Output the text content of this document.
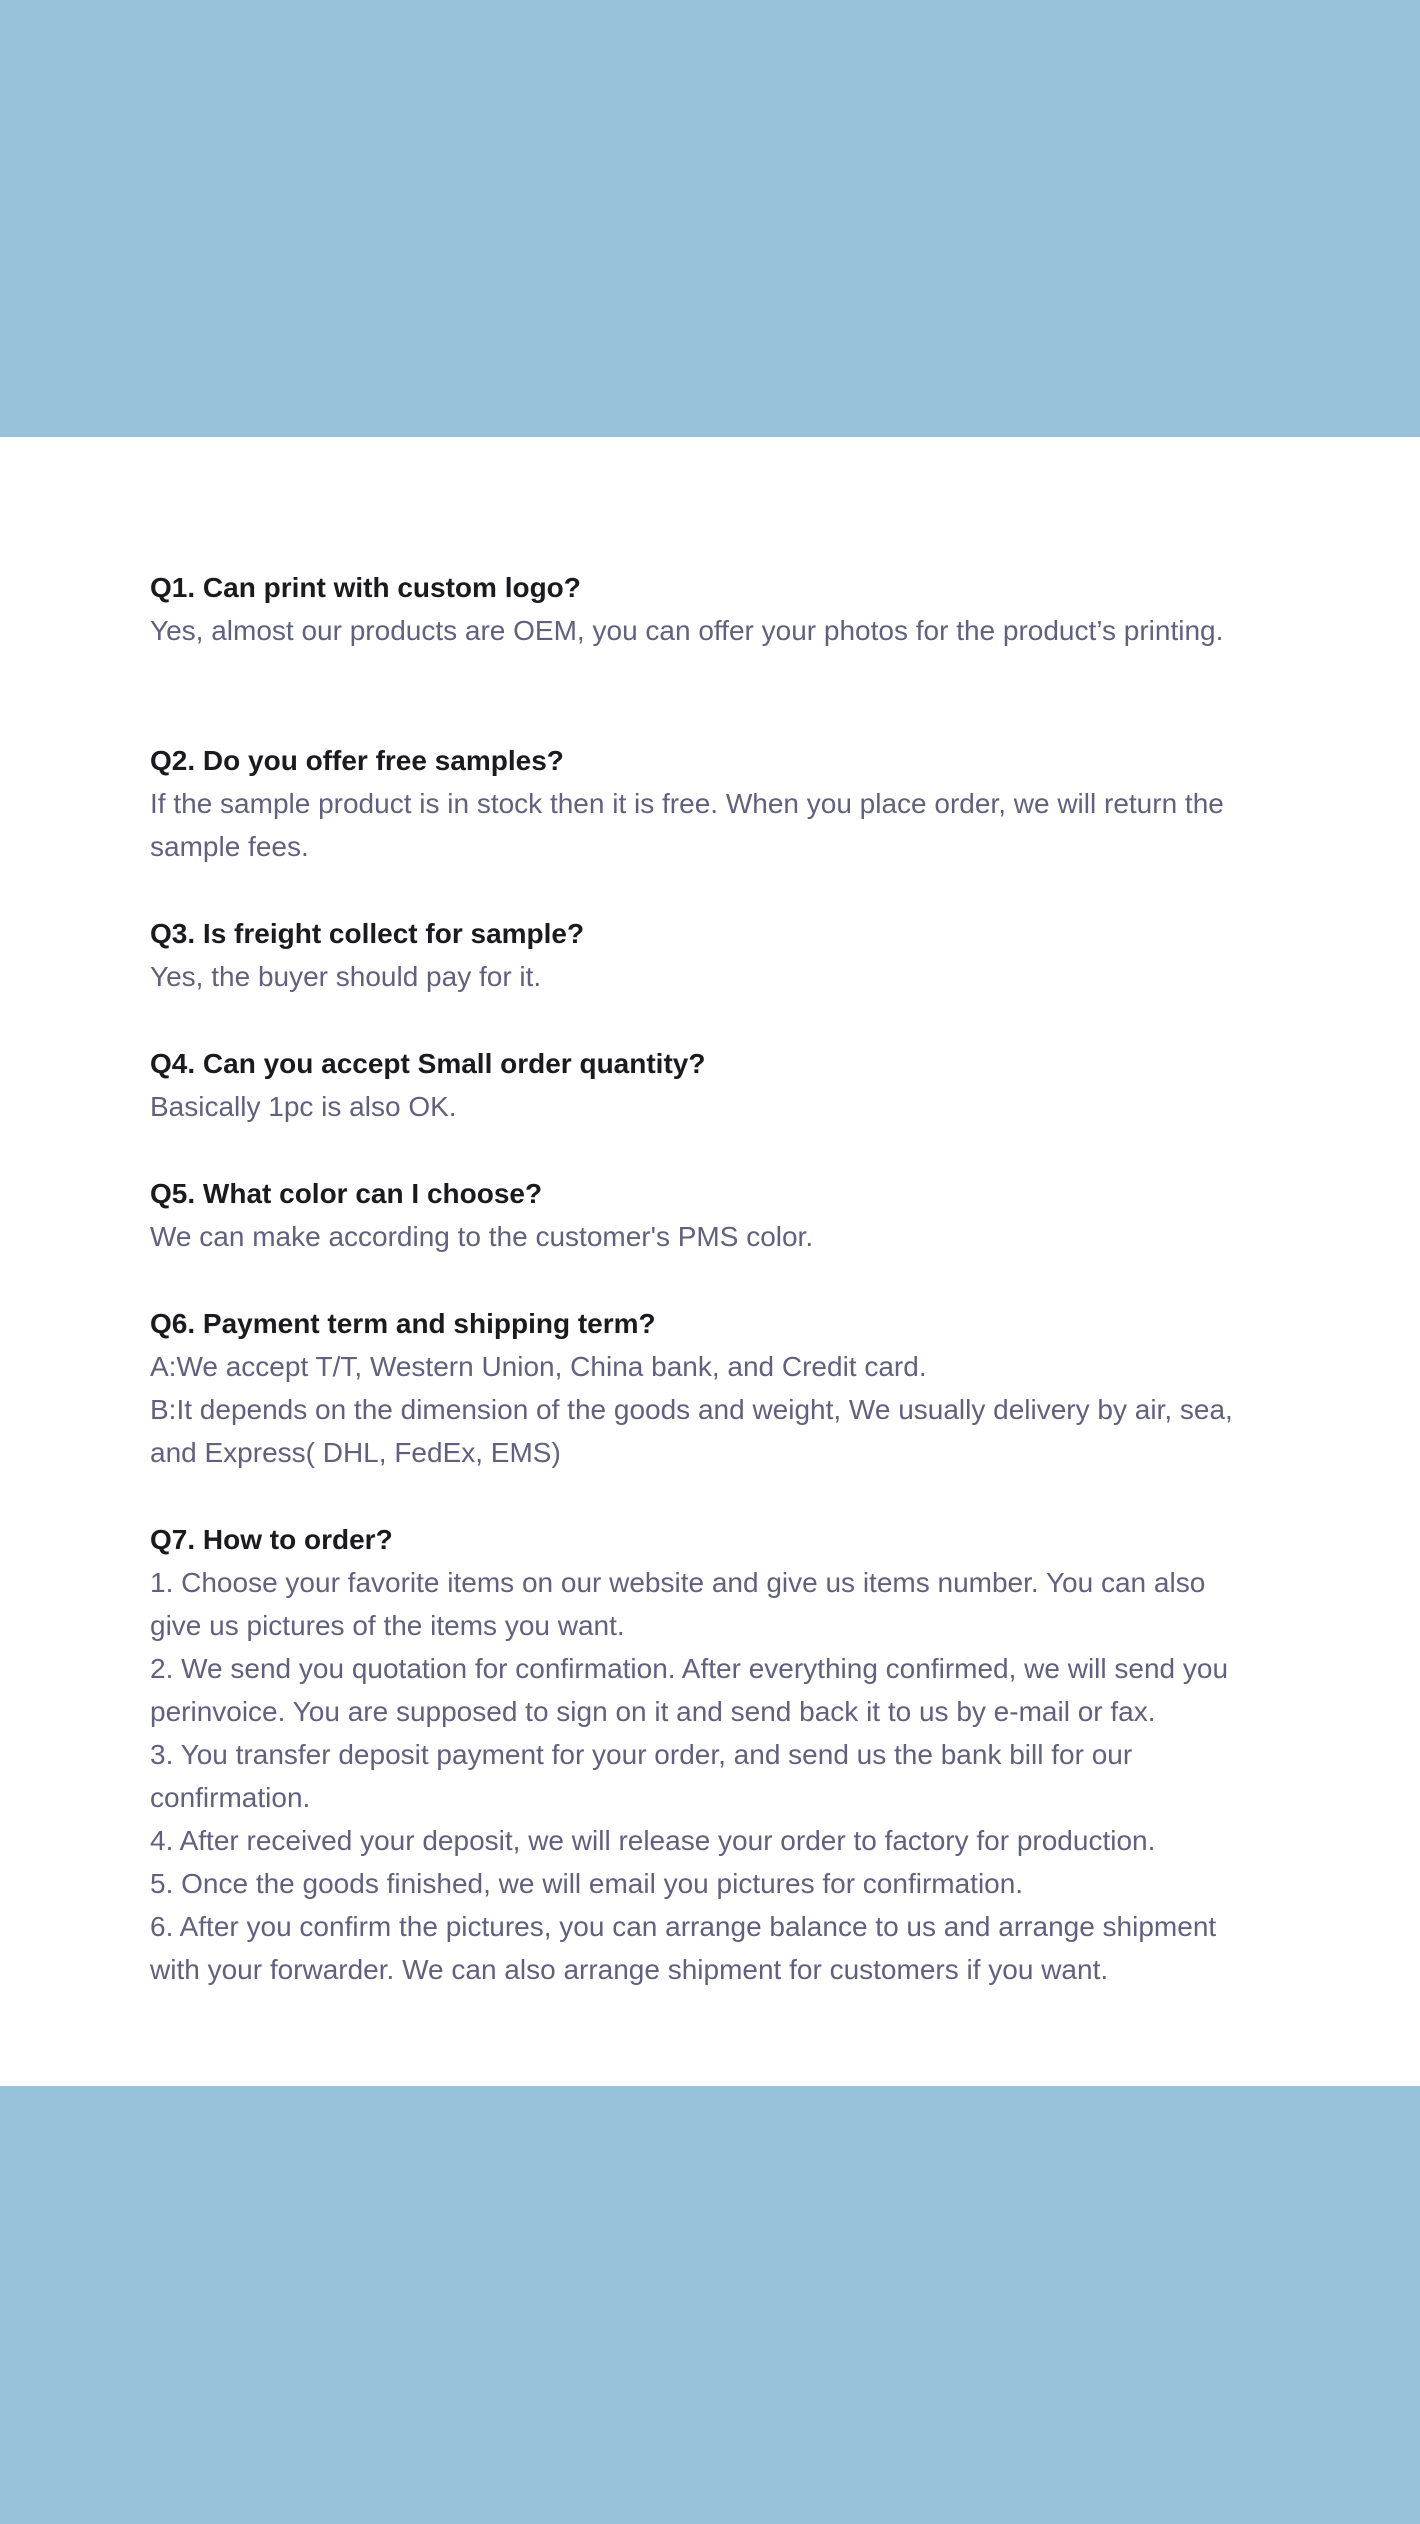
Q1. Can print with custom logo?

Yes, almost our products are OEM, you can offer your photos for the product’s printing.

Q2. Do you offer free samples?

If the sample product is in stock then it is free. When you place order, we will return the

sample fees.

Q3. Is freight collect for sample?

Yes, the buyer should pay for it.

Q4. Can you accept Small order quantity?

Basically 1pc is also OK.

Q5. What color can I choose?

We can make according to the customer's PMS color.

Q6. Payment term and shipping term?

A:We accept T/T, Western Union, China bank, and Credit card.

B:It depends on the dimension of the goods and weight, We usually delivery by air, sea,

and Express( DHL, FedEx, EMS)

Q7. How to order?

1. Choose your favorite items on our website and give us items number. You can also

give us pictures of the items you want.

2. We send you quotation for confirmation. After everything confirmed, we will send you

perinvoice. You are supposed to sign on it and send back it to us by e-mail or fax.

3. You transfer deposit payment for your order, and send us the bank bill for our

confirmation.

4. After received your deposit, we will release your order to factory for production.

5. Once the goods finished, we will email you pictures for confirmation.

6. After you confirm the pictures, you can arrange balance to us and arrange shipment

with your forwarder. We can also arrange shipment for customers if you want.
